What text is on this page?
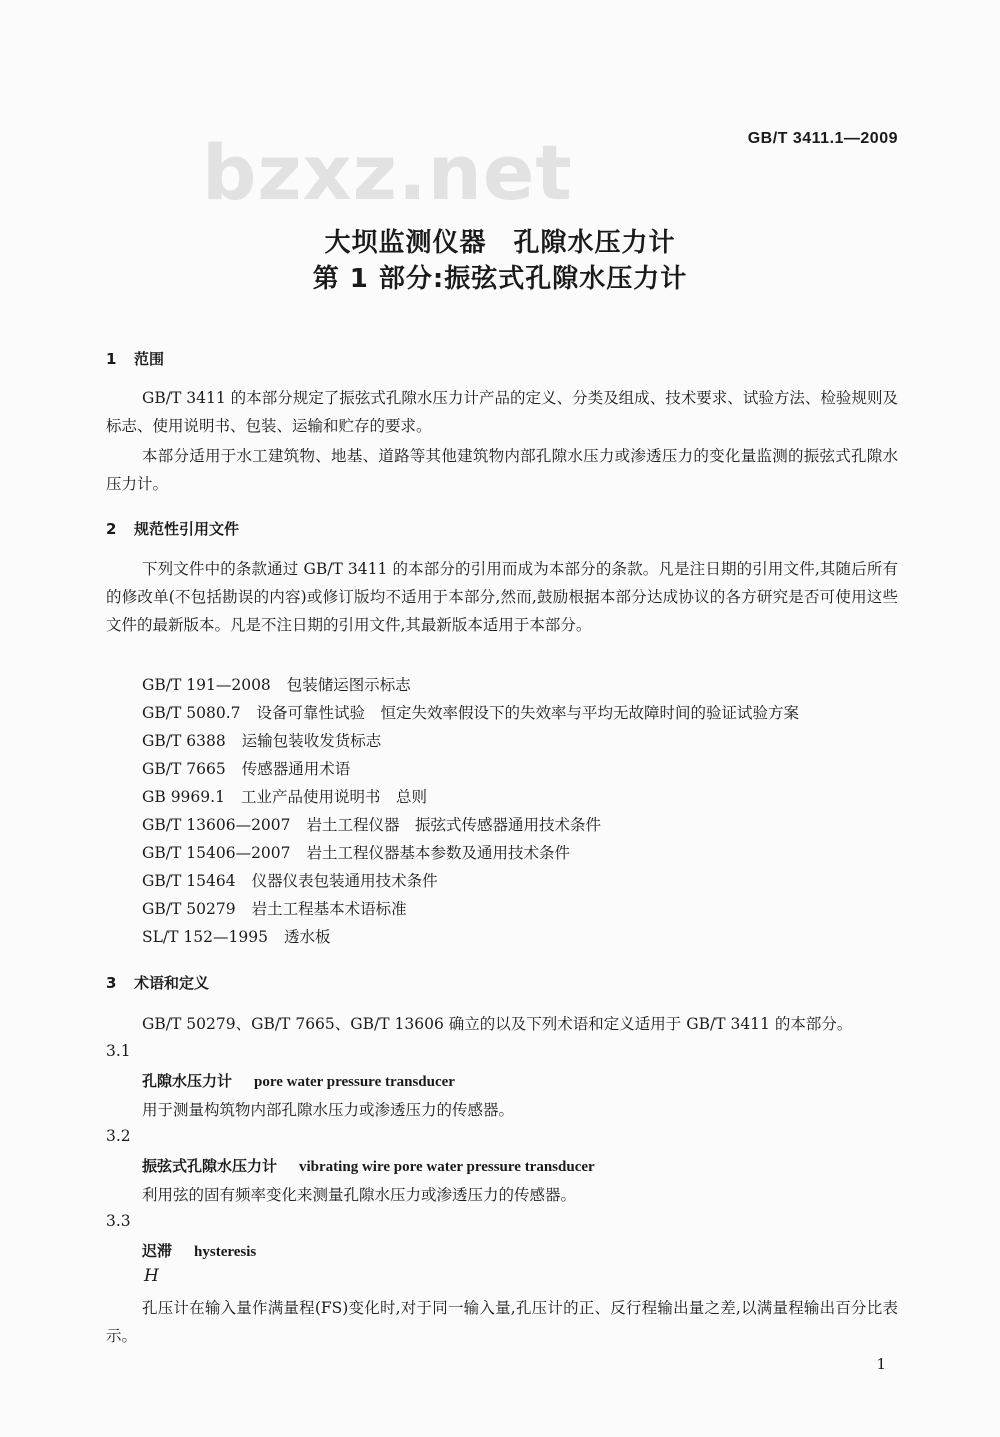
GB/T 3411.1—2009
bzxz.net
大坝监测仪器　孔隙水压力计
第 1 部分:振弦式孔隙水压力计
1 范围
GB/T 3411 的本部分规定了振弦式孔隙水压力计产品的定义、分类及组成、技术要求、试验方法、检验规则及标志、使用说明书、包装、运输和贮存的要求。
本部分适用于水工建筑物、地基、道路等其他建筑物内部孔隙水压力或渗透压力的变化量监测的振弦式孔隙水压力计。
2 规范性引用文件
下列文件中的条款通过 GB/T 3411 的本部分的引用而成为本部分的条款。凡是注日期的引用文件,其随后所有的修改单(不包括勘误的内容)或修订版均不适用于本部分,然而,鼓励根据本部分达成协议的各方研究是否可使用这些文件的最新版本。凡是不注日期的引用文件,其最新版本适用于本部分。
GB/T 191—2008 包装储运图示标志
GB/T 5080.7 设备可靠性试验　恒定失效率假设下的失效率与平均无故障时间的验证试验方案
GB/T 6388 运输包装收发货标志
GB/T 7665 传感器通用术语
GB 9969.1 工业产品使用说明书　总则
GB/T 13606—2007 岩土工程仪器　振弦式传感器通用技术条件
GB/T 15406—2007 岩土工程仪器基本参数及通用技术条件
GB/T 15464 仪器仪表包装通用技术条件
GB/T 50279 岩土工程基本术语标准
SL/T 152—1995 透水板
3 术语和定义
GB/T 50279、GB/T 7665、GB/T 13606 确立的以及下列术语和定义适用于 GB/T 3411 的本部分。
3.1
孔隙水压力计 pore water pressure transducer
用于测量构筑物内部孔隙水压力或渗透压力的传感器。
3.2
振弦式孔隙水压力计 vibrating wire pore water pressure transducer
利用弦的固有频率变化来测量孔隙水压力或渗透压力的传感器。
3.3
迟滞 hysteresis
H
孔压计在输入量作满量程(FS)变化时,对于同一输入量,孔压计的正、反行程输出量之差,以满量程输出百分比表示。
1
